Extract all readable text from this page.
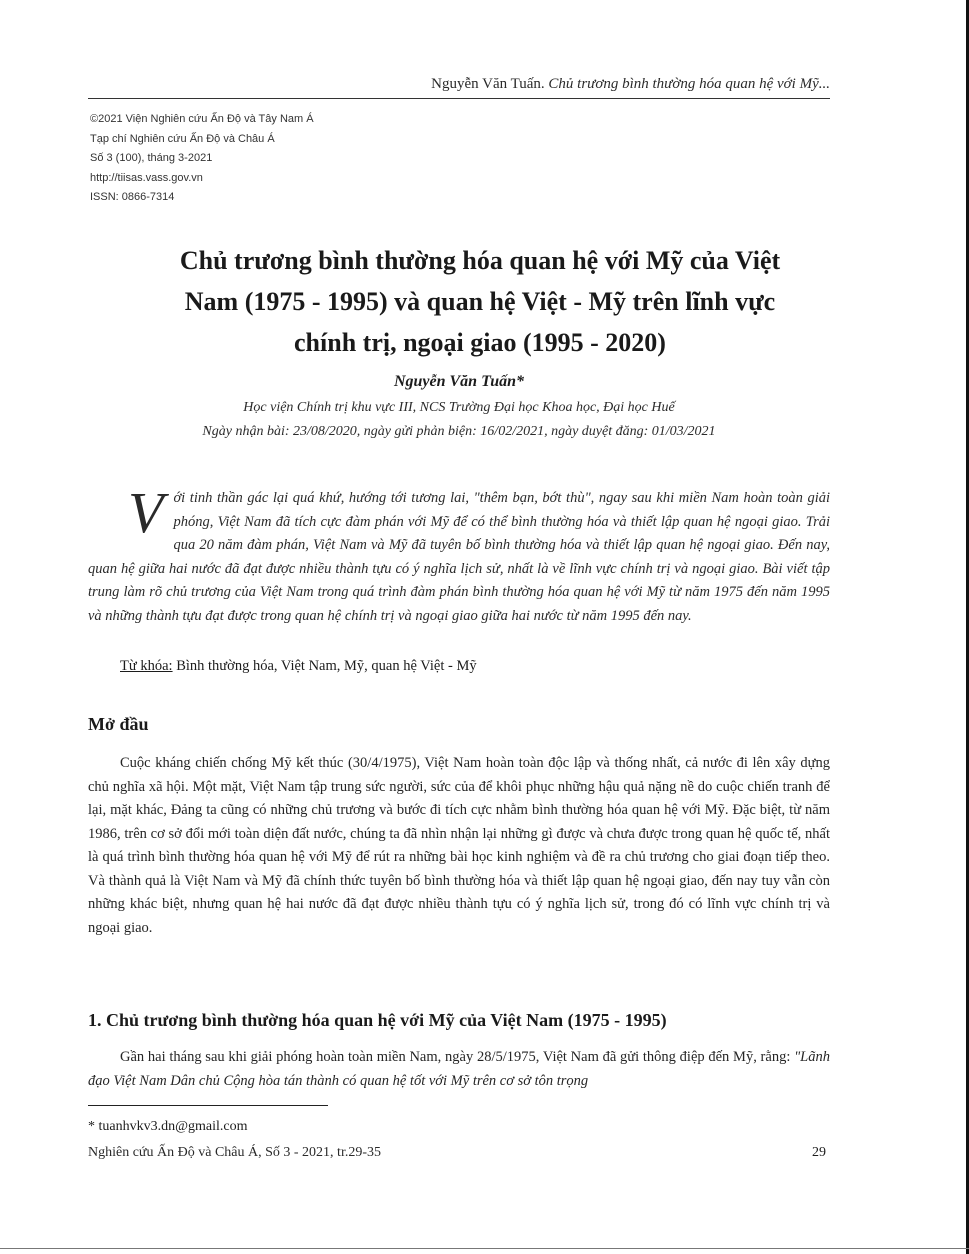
Nguyễn Văn Tuấn. Chủ trương bình thường hóa quan hệ với Mỹ...
©2021 Viện Nghiên cứu Ấn Độ và Tây Nam Á
Tạp chí Nghiên cứu Ấn Độ và Châu Á
Số 3 (100), tháng 3-2021
http://tiisas.vass.gov.vn
ISSN: 0866-7314
Chủ trương bình thường hóa quan hệ với Mỹ của Việt
Nam (1975 - 1995) và quan hệ Việt - Mỹ trên lĩnh vực
chính trị, ngoại giao (1995 - 2020)
Nguyễn Văn Tuấn*
Học viện Chính trị khu vực III, NCS Trường Đại học Khoa học, Đại học Huế
Ngày nhận bài: 23/08/2020, ngày gửi phản biện: 16/02/2021, ngày duyệt đăng: 01/03/2021
Với tinh thần gác lại quá khứ, hướng tới tương lai, "thêm bạn, bớt thù", ngay sau khi miền Nam hoàn toàn giải phóng, Việt Nam đã tích cực đàm phán với Mỹ để có thể bình thường hóa và thiết lập quan hệ ngoại giao. Trải qua 20 năm đàm phán, Việt Nam và Mỹ đã tuyên bố bình thường hóa và thiết lập quan hệ ngoại giao. Đến nay, quan hệ giữa hai nước đã đạt được nhiều thành tựu có ý nghĩa lịch sử, nhất là về lĩnh vực chính trị và ngoại giao. Bài viết tập trung làm rõ chủ trương của Việt Nam trong quá trình đàm phán bình thường hóa quan hệ với Mỹ từ năm 1975 đến năm 1995 và những thành tựu đạt được trong quan hệ chính trị và ngoại giao giữa hai nước từ năm 1995 đến nay.
Từ khóa: Bình thường hóa, Việt Nam, Mỹ, quan hệ Việt - Mỹ
Mở đầu
Cuộc kháng chiến chống Mỹ kết thúc (30/4/1975), Việt Nam hoàn toàn độc lập và thống nhất, cả nước đi lên xây dựng chủ nghĩa xã hội. Một mặt, Việt Nam tập trung sức người, sức của để khôi phục những hậu quả nặng nề do cuộc chiến tranh để lại, mặt khác, Đảng ta cũng có những chủ trương và bước đi tích cực nhằm bình thường hóa quan hệ với Mỹ. Đặc biệt, từ năm 1986, trên cơ sở đổi mới toàn diện đất nước, chúng ta đã nhìn nhận lại những gì được và chưa được trong quan hệ quốc tế, nhất là quá trình bình thường hóa quan hệ với Mỹ để rút ra những bài học kinh nghiệm và đề ra chủ trương cho giai đoạn tiếp theo. Và thành quả là Việt Nam và Mỹ đã chính thức tuyên bố bình thường hóa và thiết lập quan hệ ngoại giao, đến nay tuy vẫn còn những khác biệt, nhưng quan hệ hai nước đã đạt được nhiều thành tựu có ý nghĩa lịch sử, trong đó có lĩnh vực chính trị và ngoại giao.
1. Chủ trương bình thường hóa quan hệ với Mỹ của Việt Nam (1975 - 1995)
Gần hai tháng sau khi giải phóng hoàn toàn miền Nam, ngày 28/5/1975, Việt Nam đã gửi thông điệp đến Mỹ, rằng: "Lãnh đạo Việt Nam Dân chủ Cộng hòa tán thành có quan hệ tốt với Mỹ trên cơ sở tôn trọng
* tuanhvkv3.dn@gmail.com
Nghiên cứu Ấn Độ và Châu Á, Số 3 - 2021, tr.29-35	29
